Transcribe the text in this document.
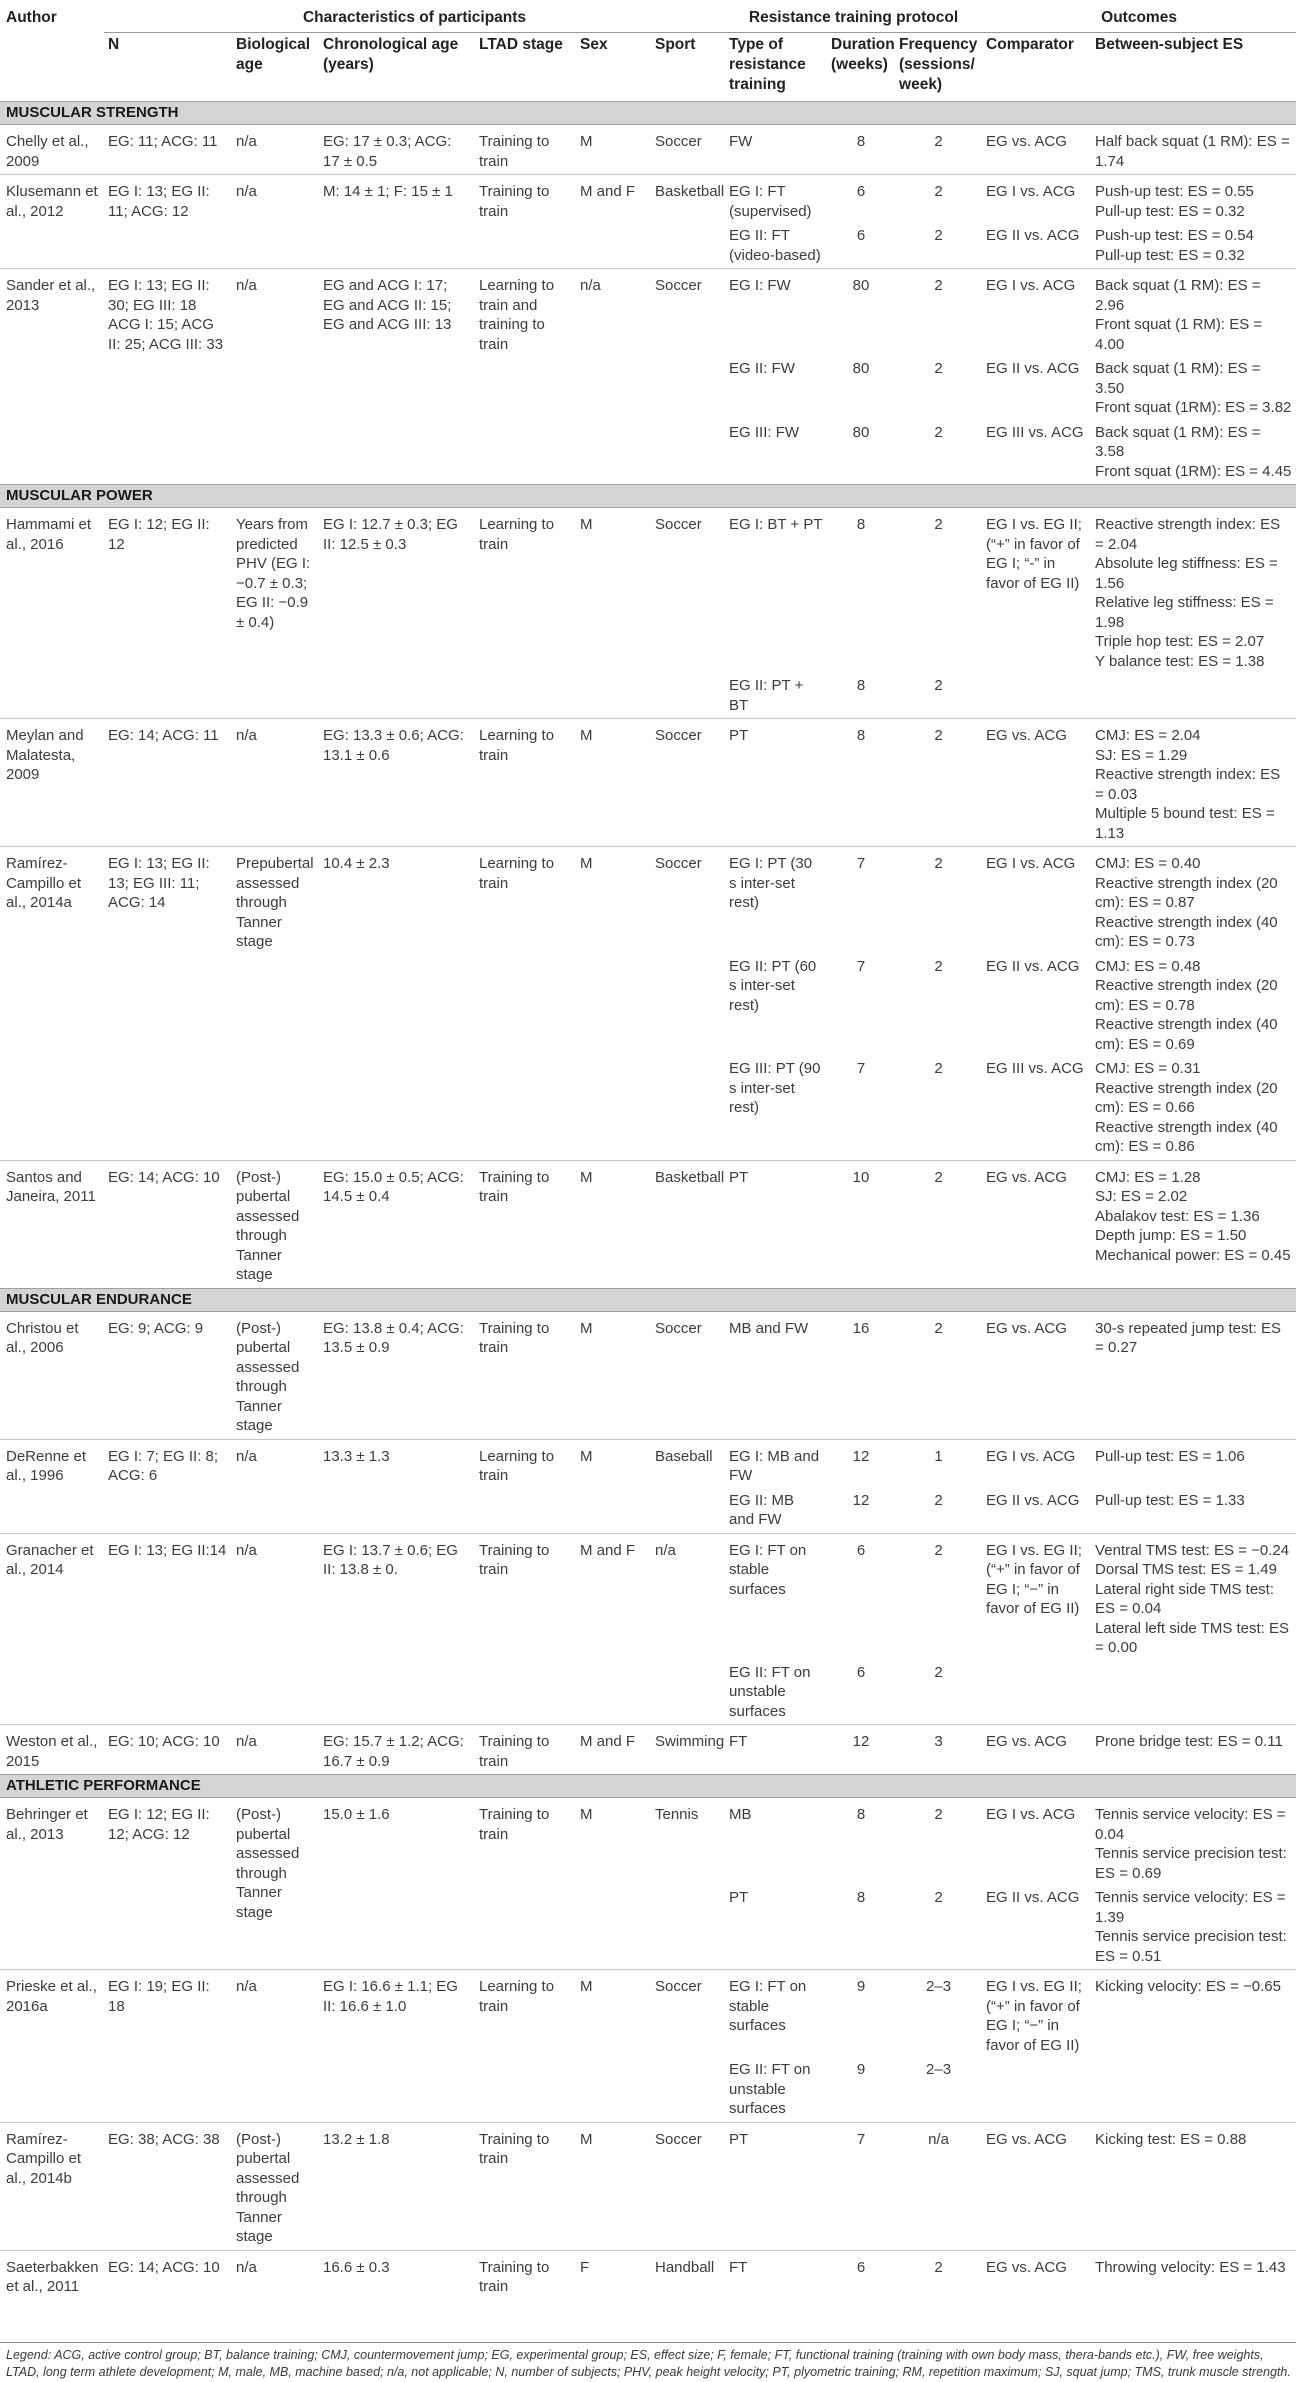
Author	Characteristics of participants						Resistance training protocol			Outcomes	
	N	Biological age	Chronological age (years)	LTAD stage	Sex	Sport	Type of resistance training	Duration (weeks)	Frequency (sessions/ week)	Comparator	Between-subject ES
MUSCULAR STRENGTH											
Chelly et al., 2009	EG: 11; ACG: 11	n/a	EG: 17 ± 0.3; ACG: 17 ± 0.5	Training to train	M	Soccer	FW	8	2	EG vs. ACG	Half back squat (1 RM): ES = 1.74

Klusemann et al., 2012	EG I: 13; EG II: 11; ACG: 12	n/a	M: 14 ± 1; F: 15 ± 1	Training to train	M and F	Basketball	EG I: FT (supervised)	6	2	EG I vs. ACG	Push-up test: ES = 0.55
Pull-up test: ES = 0.32

							EG II: FT (video-based)	6	2	EG II vs. ACG	Push-up test: ES = 0.54
Pull-up test: ES = 0.32

Sander et al., 2013	EG I: 13; EG II: 30; EG III: 18 ACG I: 15; ACG II: 25; ACG III: 33	n/a	EG and ACG I: 17; EG and ACG II: 15; EG and ACG III: 13	Learning to train and training to train	n/a	Soccer	EG I: FW	80	2	EG I vs. ACG	Back squat (1 RM): ES = 2.96
Front squat (1 RM): ES = 4.00

							EG II: FW	80	2	EG II vs. ACG	Back squat (1 RM): ES = 3.50
Front squat (1RM): ES = 3.82

							EG III: FW	80	2	EG III vs. ACG	Back squat (1 RM): ES = 3.58
Front squat (1RM): ES = 4.45

MUSCULAR POWER											
Hammami et al., 2016	EG I: 12; EG II: 12	Years from predicted PHV (EG I: −0.7 ± 0.3; EG II: −0.9 ± 0.4)	EG I: 12.7 ± 0.3; EG II: 12.5 ± 0.3	Learning to train	M	Soccer	EG I: BT + PT	8	2	EG I vs. EG II; (“+” in favor of EG I; “-” in favor of EG II)	Reactive strength index: ES = 2.04
Absolute leg stiffness: ES = 1.56
Relative leg stiffness: ES = 1.98
Triple hop test: ES = 2.07
Y balance test: ES = 1.38

							EG II: PT + BT	8	2		
Meylan and Malatesta, 2009	EG: 14; ACG: 11	n/a	EG: 13.3 ± 0.6; ACG: 13.1 ± 0.6	Learning to train	M	Soccer	PT	8	2	EG vs. ACG	CMJ: ES = 2.04
SJ: ES = 1.29
Reactive strength index: ES = 0.03
Multiple 5 bound test: ES = 1.13

Ramírez-Campillo et al., 2014a	EG I: 13; EG II: 13; EG III: 11; ACG: 14	Prepubertal assessed through Tanner stage	10.4 ± 2.3	Learning to train	M	Soccer	EG I: PT (30 s inter-set rest)	7	2	EG I vs. ACG	CMJ: ES = 0.40
Reactive strength index (20 cm): ES = 0.87
Reactive strength index (40 cm): ES = 0.73

							EG II: PT (60 s inter-set rest)	7	2	EG II vs. ACG	CMJ: ES = 0.48
Reactive strength index (20 cm): ES = 0.78
Reactive strength index (40 cm): ES = 0.69

							EG III: PT (90 s inter-set rest)	7	2	EG III vs. ACG	CMJ: ES = 0.31
Reactive strength index (20 cm): ES = 0.66
Reactive strength index (40 cm): ES = 0.86

Santos and Janeira, 2011	EG: 14; ACG: 10	(Post-) pubertal assessed through Tanner stage	EG: 15.0 ± 0.5; ACG: 14.5 ± 0.4	Training to train	M	Basketball	PT	10	2	EG vs. ACG	CMJ: ES = 1.28
SJ: ES = 2.02
Abalakov test: ES = 1.36
Depth jump: ES = 1.50
Mechanical power: ES = 0.45

MUSCULAR ENDURANCE											
Christou et al., 2006	EG: 9; ACG: 9	(Post-) pubertal assessed through Tanner stage	EG: 13.8 ± 0.4; ACG: 13.5 ± 0.9	Training to train	M	Soccer	MB and FW	16	2	EG vs. ACG	30-s repeated jump test: ES = 0.27

DeRenne et al., 1996	EG I: 7; EG II: 8; ACG: 6	n/a	13.3 ± 1.3	Learning to train	M	Baseball	EG I: MB and FW	12	1	EG I vs. ACG	Pull-up test: ES = 1.06

							EG II: MB and FW	12	2	EG II vs. ACG	Pull-up test: ES = 1.33

Granacher et al., 2014	EG I: 13; EG II:14	n/a	EG I: 13.7 ± 0.6; EG II: 13.8 ± 0.	Training to train	M and F	n/a	EG I: FT on stable surfaces	6	2	EG I vs. EG II; (“+” in favor of EG I; “−” in favor of EG II)	Ventral TMS test: ES = −0.24
Dorsal TMS test: ES = 1.49
Lateral right side TMS test: ES = 0.04
Lateral left side TMS test: ES = 0.00

							EG II: FT on unstable surfaces	6	2		
Weston et al., 2015	EG: 10; ACG: 10	n/a	EG: 15.7 ± 1.2; ACG: 16.7 ± 0.9	Training to train	M and F	Swimming	FT	12	3	EG vs. ACG	Prone bridge test: ES = 0.11

ATHLETIC PERFORMANCE											
Behringer et al., 2013	EG I: 12; EG II: 12; ACG: 12	(Post-) pubertal assessed through Tanner stage	15.0 ± 1.6	Training to train	M	Tennis	MB	8	2	EG I vs. ACG	Tennis service velocity: ES = 0.04
Tennis service precision test: ES = 0.69

							PT	8	2	EG II vs. ACG	Tennis service velocity: ES = 1.39
Tennis service precision test: ES = 0.51

Prieske et al., 2016a	EG I: 19; EG II: 18	n/a	EG I: 16.6 ± 1.1; EG II: 16.6 ± 1.0	Learning to train	M	Soccer	EG I: FT on stable surfaces	9	2–3	EG I vs. EG II; (“+” in favor of EG I; “−” in favor of EG II)	Kicking velocity: ES = −0.65

							EG II: FT on unstable surfaces	9	2–3		
Ramírez-Campillo et al., 2014b	EG: 38; ACG: 38	(Post-) pubertal assessed through Tanner stage	13.2 ± 1.8	Training to train	M	Soccer	PT	7	n/a	EG vs. ACG	Kicking test: ES = 0.88

Saeterbakken et al., 2011	EG: 14; ACG: 10	n/a	16.6 ± 0.3	Training to train	F	Handball	FT	6	2	EG vs. ACG	Throwing velocity: ES = 1.43
Legend: ACG, active control group; BT, balance training; CMJ, countermovement jump; EG, experimental group; ES, effect size; F, female; FT, functional training (training with own body mass, thera-bands etc.), FW, free weights, LTAD, long term athlete development; M, male, MB, machine based; n/a, not applicable; N, number of subjects; PHV, peak height velocity; PT, plyometric training; RM, repetition maximum; SJ, squat jump; TMS, trunk muscle strength.
